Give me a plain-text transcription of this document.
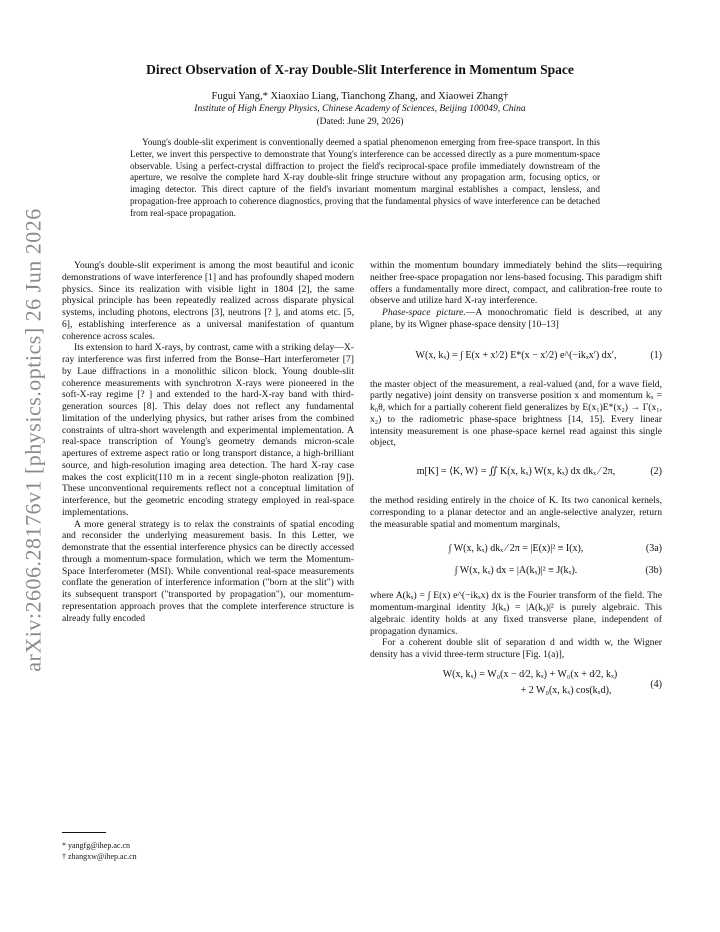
arXiv:2606.28176v1 [physics.optics] 26 Jun 2026
Direct Observation of X-ray Double-Slit Interference in Momentum Space
Fugui Yang,* Xiaoxiao Liang, Tianchong Zhang, and Xiaowei Zhang†
Institute of High Energy Physics, Chinese Academy of Sciences, Beijing 100049, China
(Dated: June 29, 2026)

Young's double-slit experiment is conventionally deemed a spatial phenomenon emerging from free-space transport. In this Letter, we invert this perspective to demonstrate that Young's interference can be accessed directly as a pure momentum-space observable. Using a perfect-crystal diffraction to project the field's reciprocal-space profile immediately downstream of the aperture, we resolve the complete hard X-ray double-slit fringe structure without any propagation arm, focusing optics, or imaging detector. This direct capture of the field's invariant momentum marginal establishes a compact, lensless, and propagation-free approach to coherence diagnostics, proving that the fundamental physics of wave interference can be detached from real-space propagation.

Young's double-slit experiment is among the most beautiful and iconic demonstrations of wave interference [1] and has profoundly shaped modern physics. Since its realization with visible light in 1804 [2], the same physical principle has been repeatedly realized across disparate physical systems, including photons, electrons [3], neutrons [? ], and atoms etc. [5, 6], establishing interference as a universal manifestation of quantum coherence across scales.

Its extension to hard X-rays, by contrast, came with a striking delay—X-ray interference was first inferred from the Bonse–Hart interferometer [7] by Laue diffractions in a monolithic silicon block. Young double-slit coherence measurements with synchrotron X-rays were pioneered in the soft-X-ray regime [? ] and extended to the hard-X-ray band with third-generation sources [8]. This delay does not reflect any fundamental limitation of the underlying physics, but rather arises from the combined constraints of ultra-short wavelength and experimental implementation. A real-space transcription of Young's geometry demands micron-scale apertures of extreme aspect ratio or long transport distance, a high-brilliant source, and high-resolution imaging area detection. The hard X-ray case makes the cost explicit(110 m in a recent single-photon realization [9]). These unconventional requirements reflect not a conceptual limitation of interference, but the geometric encoding strategy employed in real-space implementations.

A more general strategy is to relax the constraints of spatial encoding and reconsider the underlying measurement basis. In this Letter, we demonstrate that the essential interference physics can be directly accessed through a momentum-space formulation, which we term the Momentum-Space Interferometer (MSI). While conventional real-space measurements conflate the generation of interference information ("born at the slit") with its subsequent transport ("transported by propagation"), our momentum-representation approach proves that the complete interference structure is already fully encoded

within the momentum boundary immediately behind the slits—requiring neither free-space propagation nor lens-based focusing. This paradigm shift offers a fundamentally more direct, compact, and calibration-free route to observe and utilize hard X-ray interference.

Phase-space picture.—A monochromatic field is described, at any plane, by its Wigner phase-space density [10–13]

W(x, kₓ) = ∫ E(x + x′⁄2) E*(x − x′⁄2) e^(−ikₓx′) dx′,	(1)

the master object of the measurement, a real-valued (and, for a wave field, partly negative) joint density on transverse position x and momentum kₓ = k₀θ, which for a partially coherent field generalizes by E(x₁)E*(x₂) → Γ(x₁, x₂) to the radiometric phase-space brightness [14, 15]. Every linear intensity measurement is one phase-space kernel read against this single object,

m[K] = ⟨K, W⟩ = ∬ K(x, kₓ) W(x, kₓ) dx dkₓ ⁄ 2π,	(2)

the method residing entirely in the choice of K. Its two canonical kernels, corresponding to a planar detector and an angle-selective analyzer, return the measurable spatial and momentum marginals,

∫ W(x, kₓ) dkₓ ⁄ 2π = |E(x)|² ≡ I(x),	(3a)
∫ W(x, kₓ) dx = |A(kₓ)|² ≡ J(kₓ).	(3b)

where A(kₓ) = ∫ E(x) e^(−ikₓx) dx is the Fourier transform of the field. The momentum-marginal identity J(kₓ) = |A(kₓ)|² is purely algebraic. This algebraic identity holds at any fixed transverse plane, independent of propagation dynamics.

For a coherent double slit of separation d and width w, the Wigner density has a vivid three-term structure [Fig. 1(a)],

W(x, kₓ) = W₀(x − d⁄2, kₓ) + W₀(x + d⁄2, kₓ)
+ 2 W₀(x, kₓ) cos(kₓd),
(4)
* yangfg@ihep.ac.cn
† zhangxw@ihep.ac.cn
